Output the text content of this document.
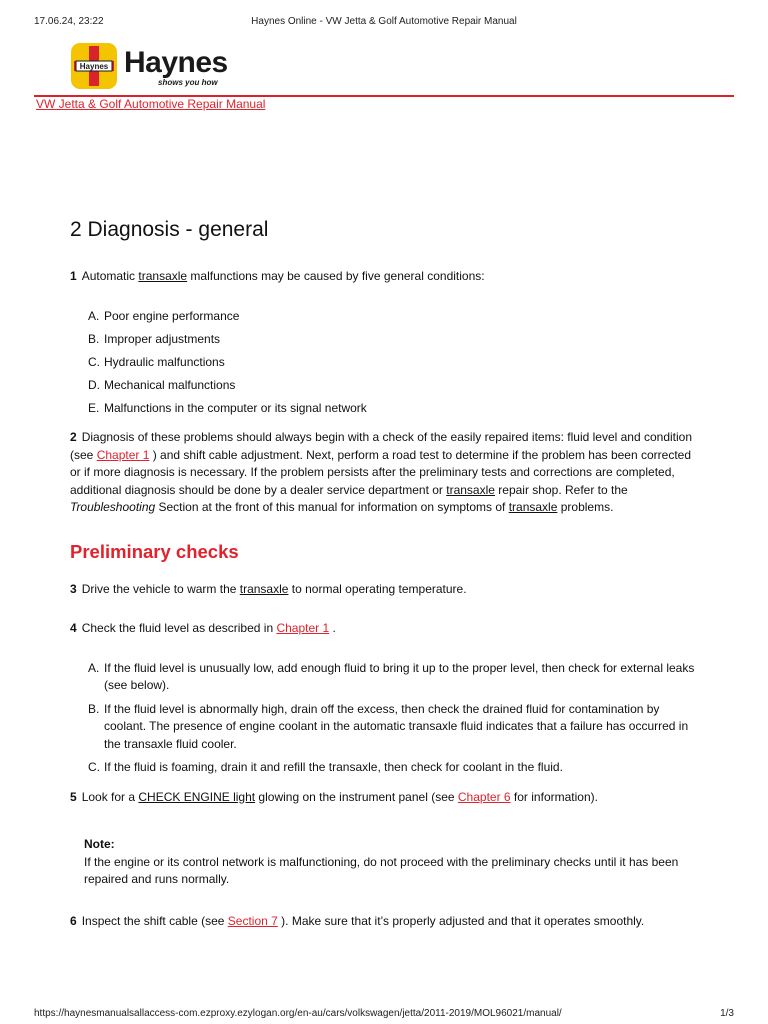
17.06.24, 23:22	Haynes Online - VW Jetta & Golf Automotive Repair Manual
Haynes Haynes
shows you how
VW Jetta & Golf Automotive Repair Manual
2 Diagnosis - general

1 Automatic transaxle malfunctions may be caused by five general conditions:

A. Poor engine performance
B. Improper adjustments
C. Hydraulic malfunctions
D. Mechanical malfunctions
E. Malfunctions in the computer or its signal network

2 Diagnosis of these problems should always begin with a check of the easily repaired items: fluid level and condition (see Chapter 1 ) and shift cable adjustment. Next, perform a road test to determine if the problem has been corrected or if more diagnosis is necessary. If the problem persists after the preliminary tests and corrections are completed, additional diagnosis should be done by a dealer service department or transaxle repair shop. Refer to the Troubleshooting Section at the front of this manual for information on symptoms of transaxle problems.

Preliminary checks

3 Drive the vehicle to warm the transaxle to normal operating temperature.

4 Check the fluid level as described in Chapter 1 .

A. If the fluid level is unusually low, add enough fluid to bring it up to the proper level, then check for external leaks (see below).
B. If the fluid level is abnormally high, drain off the excess, then check the drained fluid for contamination by coolant. The presence of engine coolant in the automatic transaxle fluid indicates that a failure has occurred in the transaxle fluid cooler.
C. If the fluid is foaming, drain it and refill the transaxle, then check for coolant in the fluid.

5 Look for a CHECK ENGINE light glowing on the instrument panel (see Chapter 6 for information).

Note:
If the engine or its control network is malfunctioning, do not proceed with the preliminary checks until it has been repaired and runs normally.

6 Inspect the shift cable (see Section 7 ). Make sure that it’s properly adjusted and that it operates smoothly.

https://haynesmanualsallaccess-com.ezproxy.ezylogan.org/en-au/cars/volkswagen/jetta/2011-2019/MOL96021/manual/	1/3
